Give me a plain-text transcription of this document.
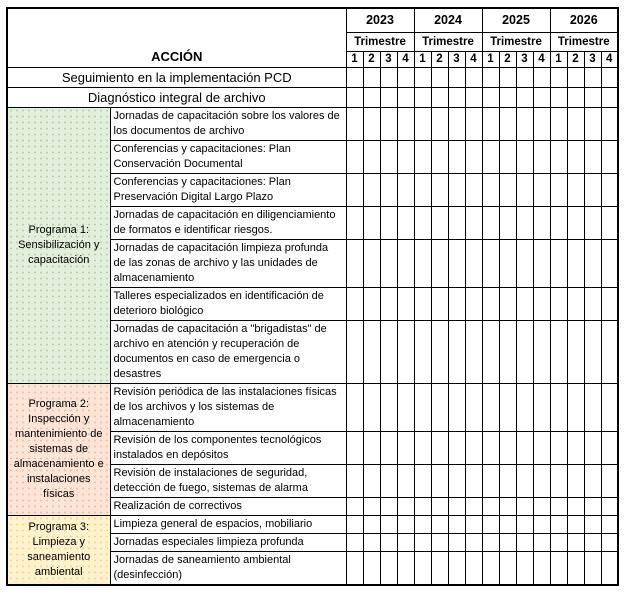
ACCIÓN		2023				2024				2025				2026			
		Trimestre				Trimestre				Trimestre				Trimestre			
		1	2	3	4	1	2	3	4	1	2	3	4	1	2	3	4
Seguimiento en la implementación PCD																	
Diagnóstico integral de archivo																	
Programa 1: Sensibilización y capacitación	Jornadas de capacitación sobre los valores de los documentos de archivo																
	Conferencias y capacitaciones: Plan Conservación Documental																
	Conferencias y capacitaciones: Plan Preservación Digital Largo Plazo																
	Jornadas de capacitación en diligenciamiento de formatos e identificar riesgos.																
	Jornadas de capacitación limpieza profunda de las zonas de archivo y las unidades de almacenamiento																
	Talleres especializados en identificación de deterioro biológico																
	Jornadas de capacitación a "brigadistas" de archivo en atención y recuperación de documentos en caso de emergencia o desastres																
Programa 2: Inspección y mantenimiento de sistemas de almacenamiento e instalaciones físicas	Revisión periódica de las instalaciones físicas de los archivos y los sistemas de almacenamiento																
	Revisión de los componentes tecnológicos instalados en depósitos																
	Revisión de instalaciones de seguridad, detección de fuego, sistemas de alarma																
	Realización de correctivos																
Programa 3: Limpieza y saneamiento ambiental	Limpieza general de espacios, mobiliario																
	Jornadas especiales limpieza profunda																
	Jornadas de saneamiento ambiental (desinfección)																
